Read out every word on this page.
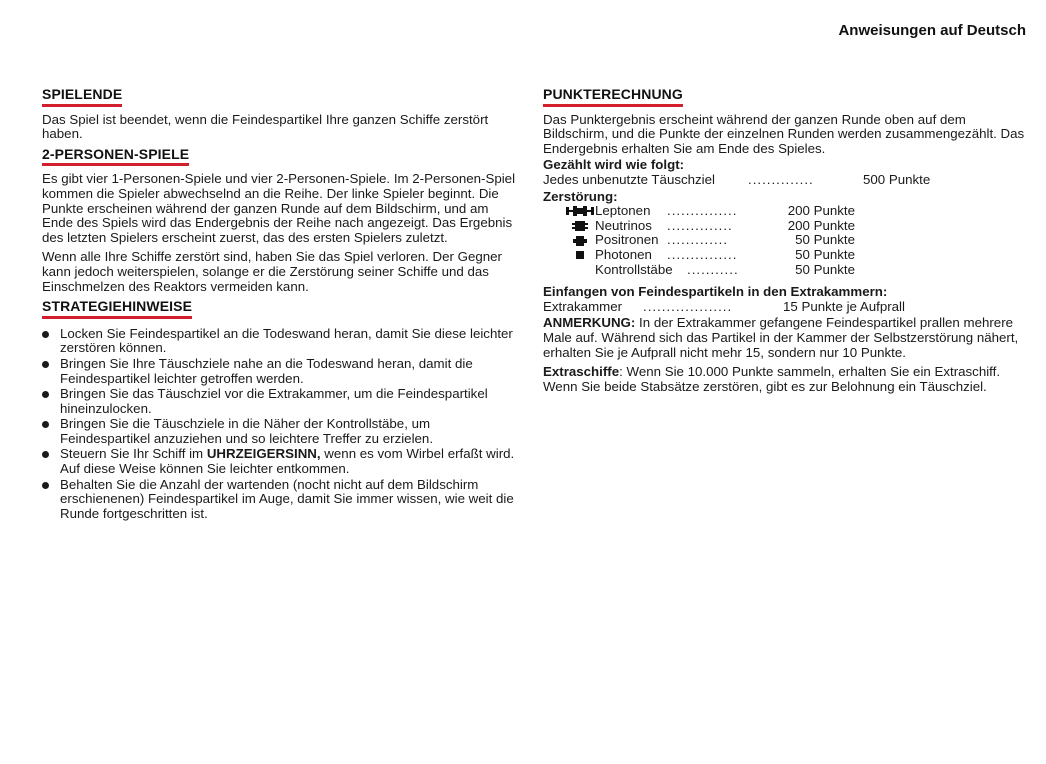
Anweisungen auf Deutsch
SPIELENDE

Das Spiel ist beendet, wenn die Feindespartikel Ihre ganzen Schiffe zerstört haben.

2-PERSONEN-SPIELE

Es gibt vier 1-Personen-Spiele und vier 2-Personen-Spiele. Im 2-Personen-Spiel kommen die Spieler abwechselnd an die Reihe. Der linke Spieler beginnt. Die Punkte erscheinen während der ganzen Runde auf dem Bildschirm, und am Ende des Spiels wird das Endergebnis der Reihe nach angezeigt. Das Ergebnis des letzten Spielers erscheint zuerst, das des ersten Spielers zuletzt.

Wenn alle Ihre Schiffe zerstört sind, haben Sie das Spiel verloren. Der Gegner kann jedoch weiterspielen, solange er die Zerstörung seiner Schiffe und das Einschmelzen des Reaktors vermeiden kann.

STRATEGIEHINWEISE
Locken Sie Feindespartikel an die Todeswand heran, damit Sie diese leichter zerstören können.
Bringen Sie Ihre Täuschziele nahe an die Todeswand heran, damit die Feindespartikel leichter getroffen werden.
Bringen Sie das Täuschziel vor die Extrakammer, um die Feindespartikel hineinzulocken.
Bringen Sie die Täuschziele in die Näher der Kontrollstäbe, um Feindespartikel anzuziehen und so leichtere Treffer zu erzielen.
Steuern Sie Ihr Schiff im UHRZEIGERSINN, wenn es vom Wirbel erfaßt wird. Auf diese Weise können Sie leichter entkommen.
Behalten Sie die Anzahl der wartenden (nocht nicht auf dem Bildschirm erschienenen) Feindespartikel im Auge, damit Sie immer wissen, wie weit die Runde fortgeschritten ist.
PUNKTERECHNUNG

Das Punktergebnis erscheint während der ganzen Runde oben auf dem Bildschirm, und die Punkte der einzelnen Runden werden zusammengezählt. Das Endergebnis erhalten Sie am Ende des Spieles.

Gezählt wird wie folgt:
Jedes unbenutzte Täuschziel	..............	500 Punkte
Zerstörung:
Leptonen	...............	200 Punkte
Neutrinos	..............	200 Punkte
Positronen .............	50 Punkte
Photonen	...............	50 Punkte
Kontrollstäbe	...........	50 Punkte
Einfangen von Feindespartikeln in den Extrakammern:
Extrakammer	...................	15 Punkte je Aufprall

ANMERKUNG: In der Extrakammer gefangene Feindespartikel prallen mehrere Male auf. Während sich das Partikel in der Kammer der Selbstzerstörung nähert, erhalten Sie je Aufprall nicht mehr 15, sondern nur 10 Punkte.

Extraschiffe: Wenn Sie 10.000 Punkte sammeln, erhalten Sie ein Extraschiff. Wenn Sie beide Stabsätze zerstören, gibt es zur Belohnung ein Täuschziel.
